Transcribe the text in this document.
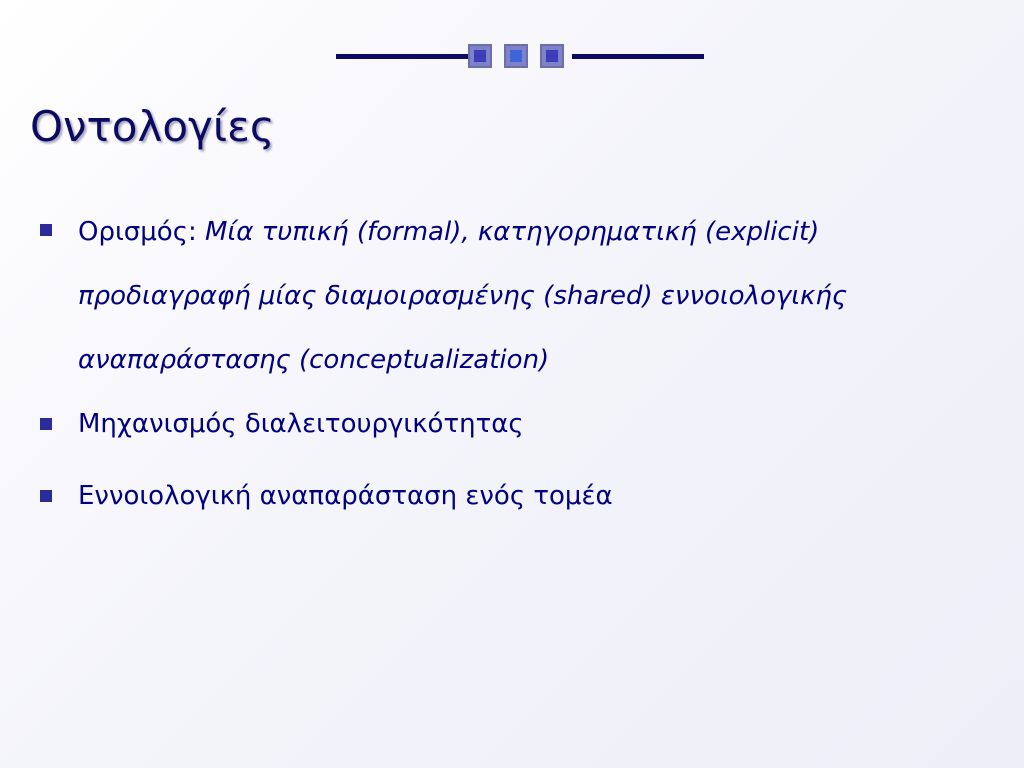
Οντολογίες
Ορισμός: Μία τυπική (formal), κατηγορηματική (explicit) προδιαγραφή μίας διαμοιρασμένης (shared) εννοιολογικής αναπαράστασης (conceptualization)
Μηχανισμός διαλειτουργικότητας
Εννοιολογική αναπαράσταση ενός τομέα
